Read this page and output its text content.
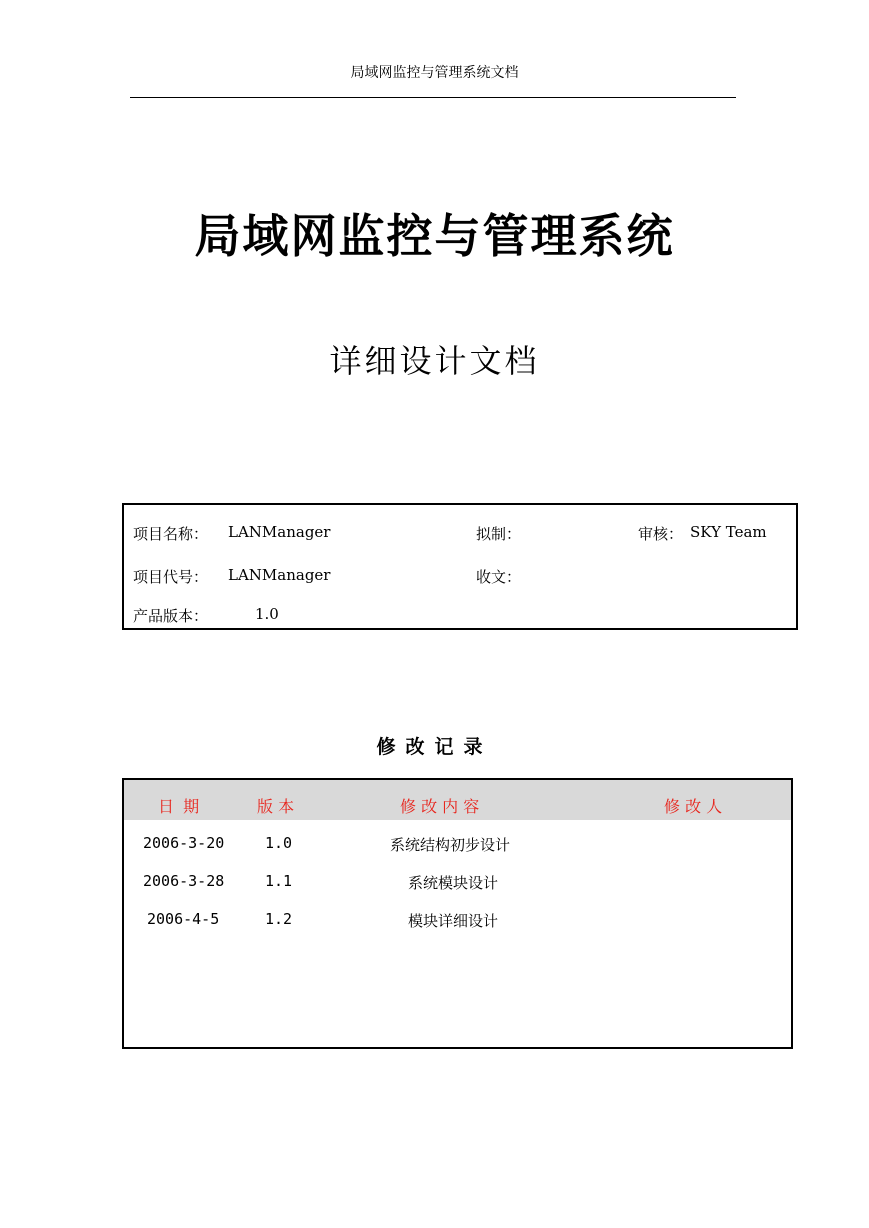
局域网监控与管理系统文档
局域网监控与管理系统
详细设计文档
项目名称： LANManager	拟制：	审核： SKY Team
项目代号： LANManager	收文：
产品版本：	1.0
修改记录
日 期	版 本	修 改 内 容	修 改 人
2006-3-20	1.0	系统结构初步设计
2006-3-28	1.1	系统模块设计
2006-4-5	1.2	模块详细设计
